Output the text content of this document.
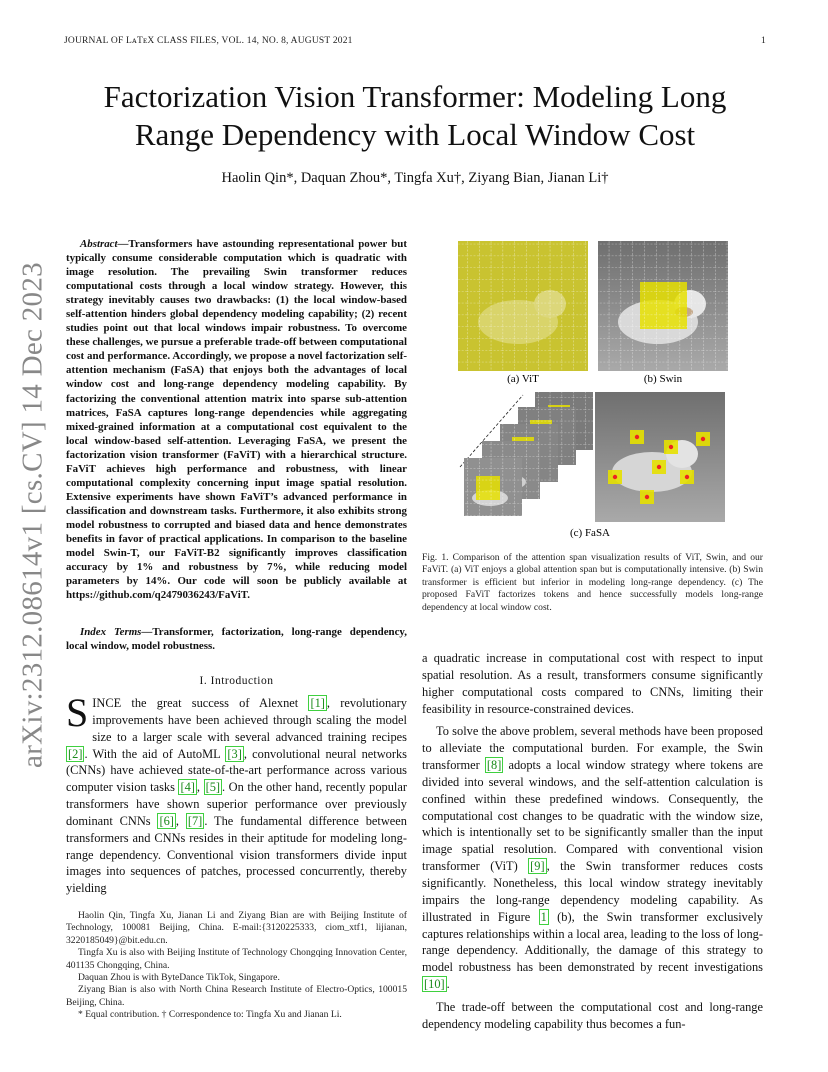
JOURNAL OF LᴀTᴇX CLASS FILES, VOL. 14, NO. 8, AUGUST 2021	1
arXiv:2312.08614v1 [cs.CV] 14 Dec 2023
Factorization Vision Transformer: Modeling Long Range Dependency with Local Window Cost
Haolin Qin*, Daquan Zhou*, Tingfa Xu†, Ziyang Bian, Jianan Li†
Abstract—Transformers have astounding representational power but typically consume considerable computation which is quadratic with image resolution. The prevailing Swin transformer reduces computational costs through a local window strategy. However, this strategy inevitably causes two drawbacks: (1) the local window-based self-attention hinders global dependency modeling capability; (2) recent studies point out that local windows impair robustness. To overcome these challenges, we pursue a preferable trade-off between computational cost and performance. Accordingly, we propose a novel factorization self-attention mechanism (FaSA) that enjoys both the advantages of local window cost and long-range dependency modeling capability. By factorizing the conventional attention matrix into sparse sub-attention matrices, FaSA captures long-range dependencies while aggregating mixed-grained information at a computational cost equivalent to the local window-based self-attention. Leveraging FaSA, we present the factorization vision transformer (FaViT) with a hierarchical structure. FaViT achieves high performance and robustness, with linear computational complexity concerning input image spatial resolution. Extensive experiments have shown FaViT’s advanced performance in classification and downstream tasks. Furthermore, it also exhibits strong model robustness to corrupted and biased data and hence demonstrates benefits in favor of practical applications. In comparison to the baseline model Swin-T, our FaViT-B2 significantly improves classification accuracy by 1% and robustness by 7%, while reducing model parameters by 14%. Our code will soon be publicly available at https://github.com/q2479036243/FaViT.
Index Terms—Transformer, factorization, long-range dependency, local window, model robustness.
I. Introduction
SINCE the great success of Alexnet [1] , revolutionary improvements have been achieved through scaling the model size to a larger scale with several advanced training recipes [2] . With the aid of AutoML [3] , convolutional neural networks (CNNs) have achieved state-of-the-art performance across various computer vision tasks [4] , [5] . On the other hand, recently popular transformers have shown superior performance over previously dominant CNNs [6] , [7] . The fundamental difference between transformers and CNNs resides in their aptitude for modeling long-range dependency. Conventional vision transformers divide input images into sequences of patches, processed concurrently, thereby yielding

Haolin Qin, Tingfa Xu, Jianan Li and Ziyang Bian are with Beijing Institute of Technology, 100081 Beijing, China. E-mail:{3120225333, ciom_xtf1, lijianan, 3220185049}@bit.edu.cn.

Tingfa Xu is also with Beijing Institute of Technology Chongqing Innovation Center, 401135 Chongqing, China.

Daquan Zhou is with ByteDance TikTok, Singapore.

Ziyang Bian is also with North China Research Institute of Electro-Optics, 100015 Beijing, China.

* Equal contribution. † Correspondence to: Tingfa Xu and Jianan Li.

(a) ViT	(b) Swin
(c) FaSA
Fig. 1. Comparison of the attention span visualization results of ViT, Swin, and our FaViT. (a) ViT enjoys a global attention span but is computationally intensive. (b) Swin transformer is efficient but inferior in modeling long-range dependency. (c) The proposed FaViT factorizes tokens and hence successfully models long-range dependency at local window cost.

a quadratic increase in computational cost with respect to input spatial resolution. As a result, transformers consume significantly higher computational costs compared to CNNs, limiting their feasibility in resource-constrained devices.

To solve the above problem, several methods have been proposed to alleviate the computational burden. For example, the Swin transformer [8] adopts a local window strategy where tokens are divided into several windows, and the self-attention calculation is confined within these predefined windows. Consequently, the computational cost changes to be quadratic with the window size, which is intentionally set to be significantly smaller than the input image spatial resolution. Compared with conventional vision transformer (ViT) [9] , the Swin transformer reduces costs significantly. Nonetheless, this local window strategy inevitably impairs the long-range dependency modeling capability. As illustrated in Figure 1 (b), the Swin transformer exclusively captures relationships within a local area, leading to the loss of long-range dependency. Additionally, the damage of this strategy to model robustness has been demonstrated by recent investigations [10] .

The trade-off between the computational cost and long-range dependency modeling capability thus becomes a fun-
